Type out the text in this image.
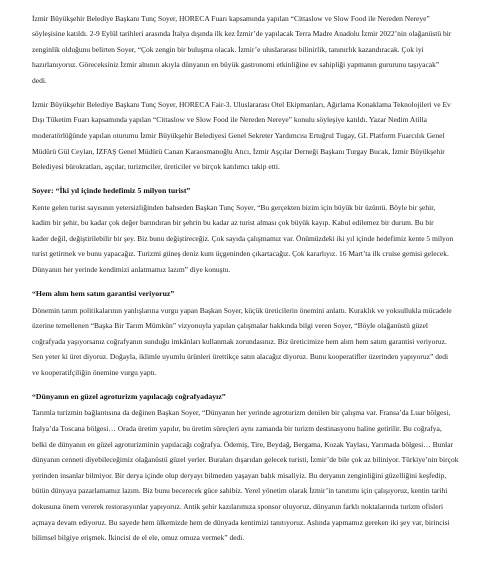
İzmir Büyükşehir Belediye Başkanı Tunç Soyer, HORECA Fuarı kapsamında yapılan “Cittaslow ve Slow Food ile Nereden Nereye”
söyleşisine katıldı. 2-9 Eylül tarihleri arasında İtalya dışında ilk kez İzmir’de yapılacak Terra Madre Anadolu İzmir 2022’nin olağanüstü bir
zenginlik olduğunu belirten Soyer, “Çok zengin bir buluşma olacak. İzmir’e uluslararası bilinirlik, tanınırlık kazandıracak. Çok iyi
hazırlanıyoruz. Göreceksiniz İzmir alnının akıyla dünyanın en büyük gastronomi etkinliğine ev sahipliği yapmanın gururunu taşıyacak”
dedi.

İzmir Büyükşehir Belediye Başkanı Tunç Soyer, HORECA Fair-3. Uluslararası Otel Ekipmanları, Ağırlama Konaklama Teknolojileri ve Ev
Dışı Tüketim Fuarı kapsamında yapılan “Cittaslow ve Slow Food ile Nereden Nereye” konulu söyleşiye katıldı. Yazar Nedim Atilla
moderatörlüğünde yapılan oturumu İzmir Büyükşehir Belediyesi Genel Sekreter Yardımcısı Ertuğrul Tugay, GL Platform Fuarcılık Genel
Müdürü Gül Ceylan, İZFAŞ Genel Müdürü Canan Karaosmanoğlu Atıcı, İzmir Aşçılar Derneği Başkanı Turgay Bucak, İzmir Büyükşehir
Belediyesi bürokratları, aşçılar, turizmciler, üreticiler ve birçok katılımcı takip etti.

Soyer: “İki yıl içinde hedefimiz 5 milyon turist”

Kente gelen turist sayısının yetersizliğinden bahseden Başkan Tunç Soyer, “Bu gerçekten bizim için büyük bir üzüntü. Böyle bir şehir,
kadim bir şehir, bu kadar çok değer barındıran bir şehrin bu kadar az turist alması çok büyük kayıp. Kabul edilemez bir durum. Bu bir
kader değil, değiştirilebilir bir şey. Biz bunu değiştireceğiz. Çok sayıda çalışmamız var. Önümüzdeki iki yıl içinde hedefimiz kente 5 milyon
turist getirmek ve bunu yapacağız. Turizmi güneş deniz kum üçgeninden çıkartacağız. Çok kararlıyız. 16 Mart’ta ilk cruise gemisi gelecek.
Dünyanın her yerinde kendimizi anlatmamız lazım” diye konuştu.

“Hem alım hem satım garantisi veriyoruz”

Dönemin tarım politikalarının yanlışlarına vurgu yapan Başkan Soyer, küçük üreticilerin önemini anlattı. Kuraklık ve yoksullukla mücadele
üzerine temellenen “Başka Bir Tarım Mümkün” vizyonuyla yapılan çalışmalar hakkında bilgi veren Soyer, “Böyle olağanüstü güzel
coğrafyada yaşıyorsanız coğrafyanın sunduğu imkânları kullanmak zorundasınız. Biz üreticimize hem alım hem satım garantisi veriyoruz.
Sen yeter ki üret diyoruz. Doğayla, iklimle uyumlu ürünleri ürettikçe satın alacağız diyoruz. Bunu kooperatifler üzerinden yapıyoruz” dedi
ve kooperatifçiliğin önemine vurgu yaptı.

“Dünyanın en güzel agroturizm yapılacağı coğrafyadayız”

Tarımla turizmin bağlantısına da değinen Başkan Soyer, “Dünyanın her yerinde agroturizm denilen bir çalışma var. Fransa’da Luar bölgesi,
İtalya’da Toscana bölgesi… Orada üretim yapılır, bu üretim süreçleri aynı zamanda bir turizm destinasyonu haline getirilir. Bu coğrafya,
belki de dünyanın en güzel agroturizminin yapılacağı coğrafya. Ödemiş, Tire, Beydağ, Bergama, Kozak Yaylası, Yarımada bölgesi… Bunlar
dünyanın cenneti diyebileceğimiz olağanüstü güzel yerler. Buraları dışarıdan gelecek turisti, İzmir’de bile çok az biliniyor. Türkiye’nin birçok
yerinden insanlar bilmiyor. Bir derya içinde olup deryayı bilmeden yaşayan balık misaliyiz. Bu deryanın zenginliğini güzelliğini keşfedip,
bütün dünyaya pazarlamamız lazım. Biz bunu becerecek güce sahibiz. Yerel yönetim olarak İzmir’in tanıtımı için çalışıyoruz, kentin tarihi
dokusuna önem vererek restorasyonlar yapıyoruz. Antik şehir kazılarımıza sponsor oluyoruz, dünyanın farklı noktalarında turizm ofisleri
açmaya devam ediyoruz. Bu sayede hem ülkemizde hem de dünyada kentimizi tanıtıyoruz. Aslında yapmamız gereken iki şey var, birincisi
bilimsel bilgiye erişmek. İkincisi de el ele, omuz omuza vermek” dedi.
